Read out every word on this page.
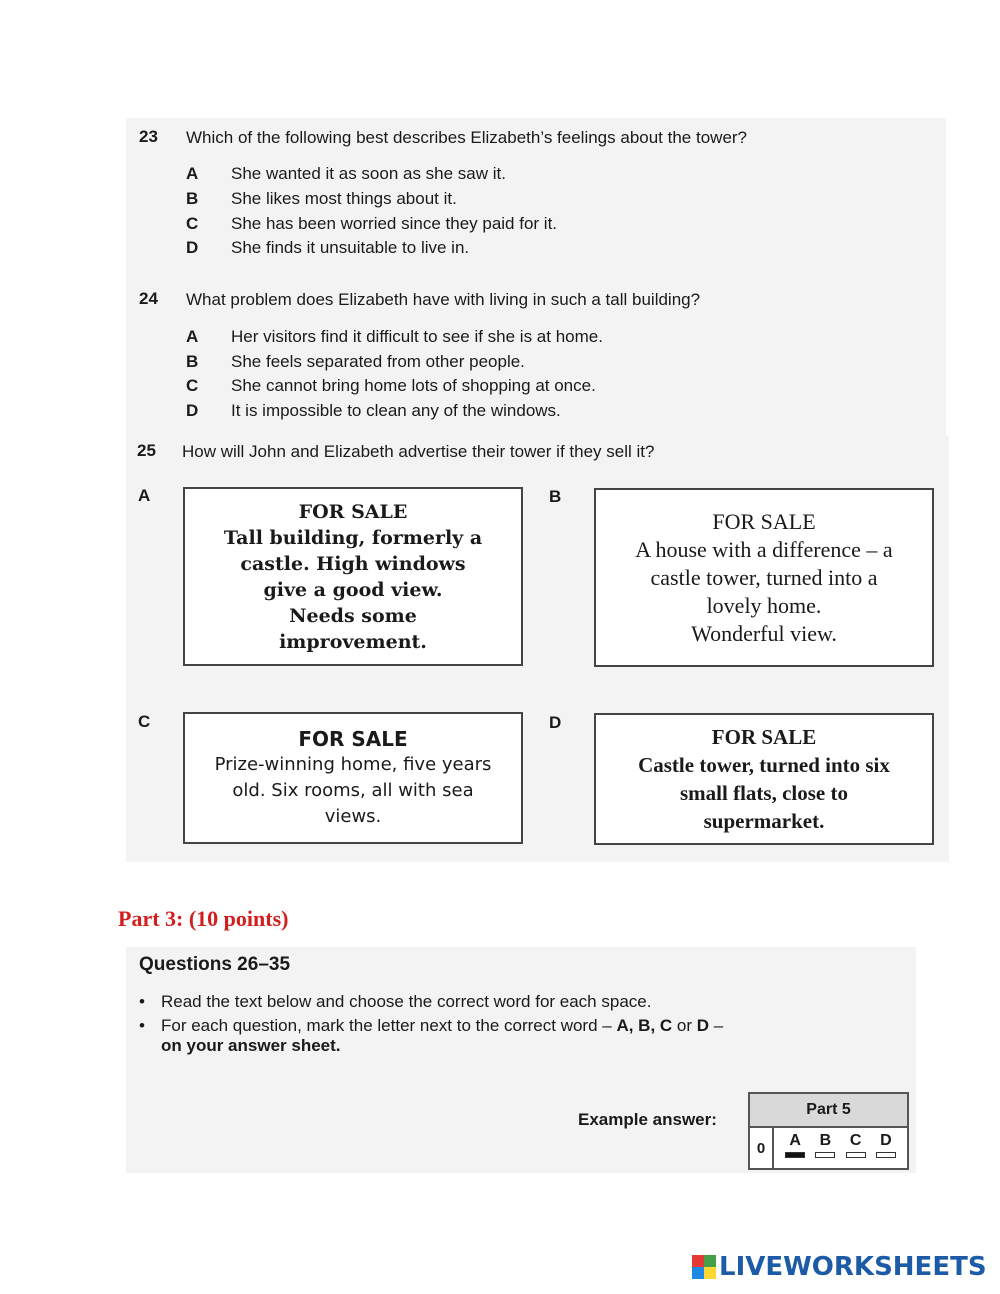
23 Which of the following best describes Elizabeth’s feelings about the tower?
A	She wanted it as soon as she saw it.
B	She likes most things about it.
C	She has been worried since they paid for it.
D	She finds it unsuitable to live in.
24 What problem does Elizabeth have with living in such a tall building?
A	Her visitors find it difficult to see if she is at home.
B	She feels separated from other people.
C	She cannot bring home lots of shopping at once.
D	It is impossible to clean any of the windows.
25 How will John and Elizabeth advertise their tower if they sell it?
A
FOR SALE
Tall building, formerly a
castle. High windows
give a good view.
Needs some
improvement.
B
FOR SALE
A house with a difference – a
castle tower, turned into a
lovely home.
Wonderful view.
C
FOR SALE
Prize-winning home, five years
old. Six rooms, all with sea
views.
D
FOR SALE
Castle tower, turned into six
small flats, close to
supermarket.
Part 3: (10 points)
Questions 26–35
• Read the text below and choose the correct word for each space.
• For each question, mark the letter next to the correct word – A, B, C or D –
on your answer sheet.
Example answer:
Part 5
0	A B C D
LIVEWORKSHEETS
